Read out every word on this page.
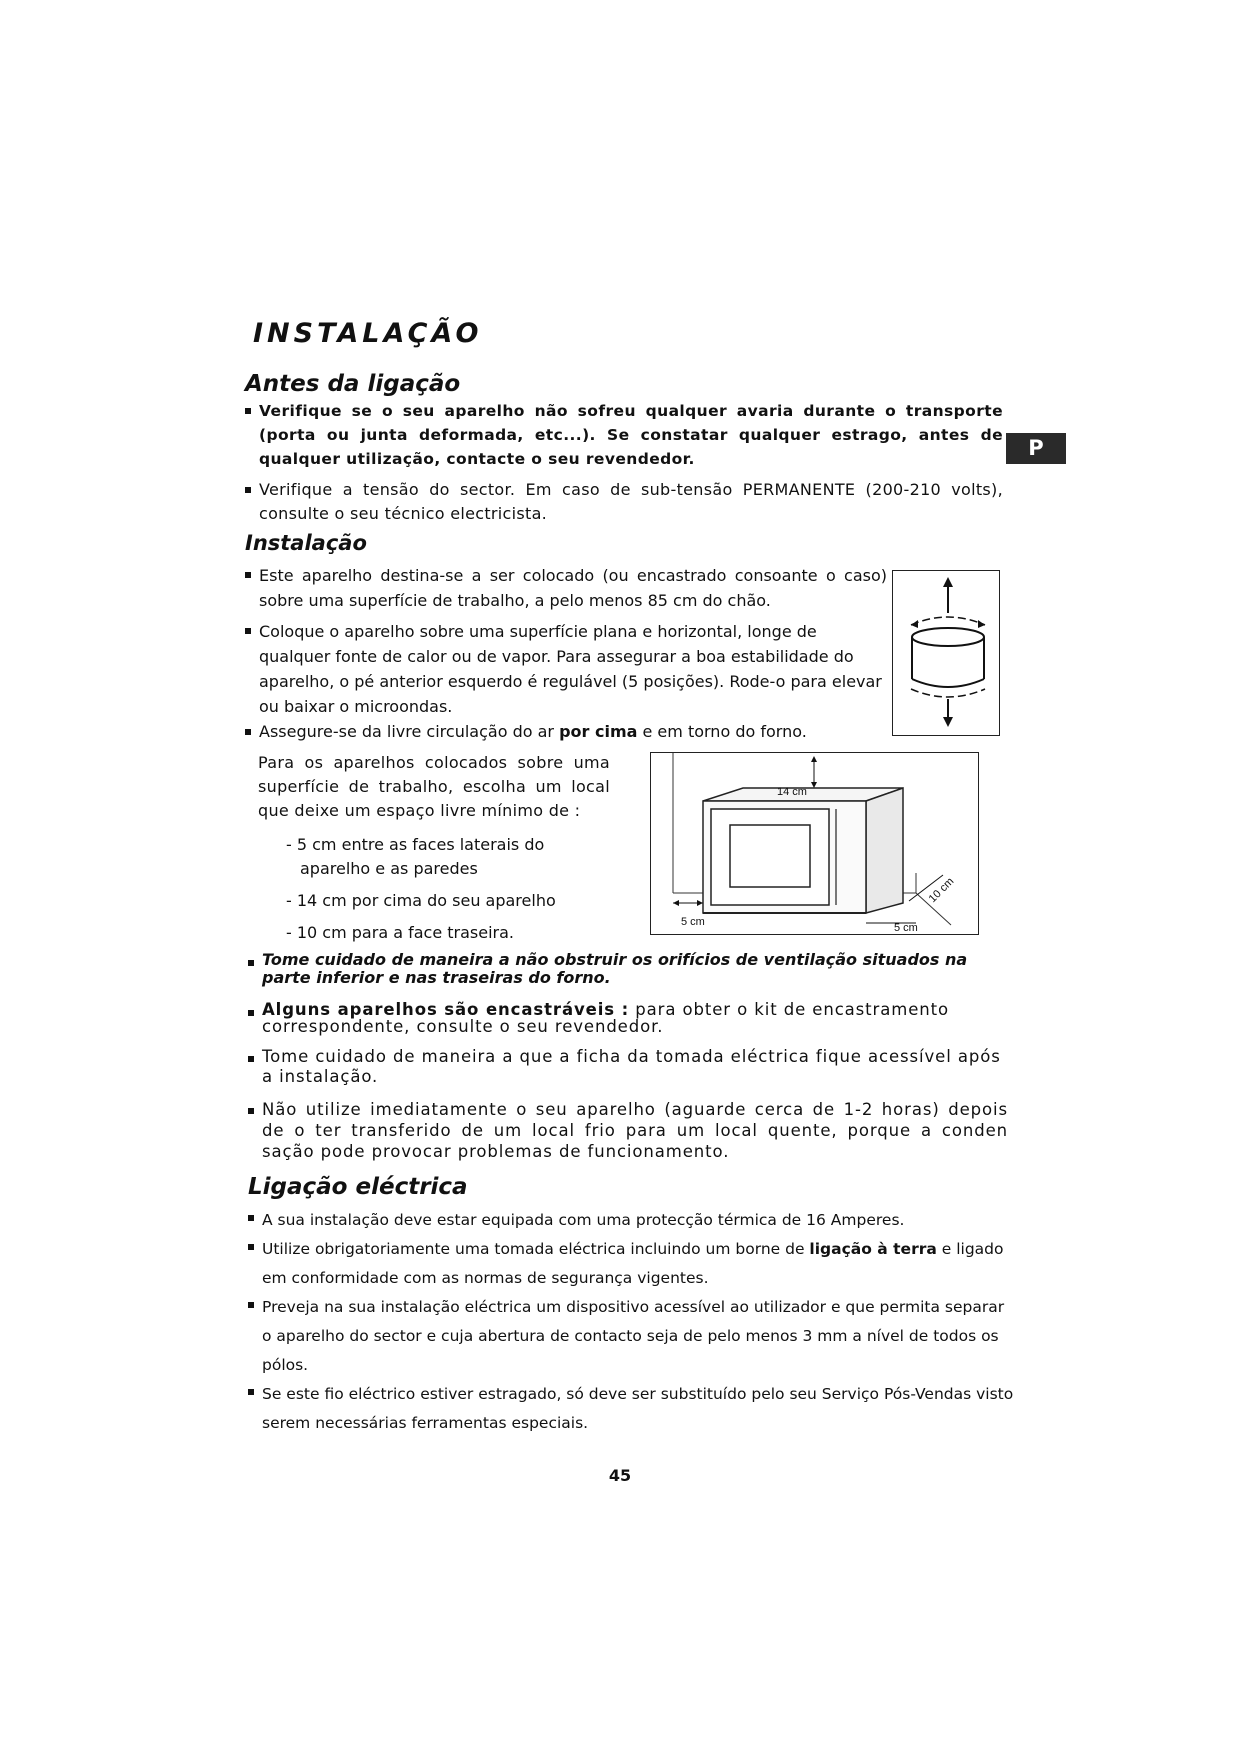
INSTALAÇÃO
P
Antes da ligação
Verifique se o seu aparelho não sofreu qualquer avaria durante o transporte (porta ou junta deformada, etc...). Se constatar qualquer estrago, antes de qualquer utilização, contacte o seu revendedor.
Verifique a tensão do sector. Em caso de sub-tensão PERMANENTE (200-210 volts), consulte o seu técnico electricista.
Instalação
Este aparelho destina-se a ser colocado (ou encastrado consoante o caso) sobre uma superfície de trabalho, a pelo menos 85 cm do chão.
Coloque o aparelho sobre uma superfície plana e horizontal, longe de qualquer fonte de calor ou de vapor. Para assegurar a boa estabilidade do aparelho, o pé anterior esquerdo é regulável (5 posições). Rode-o para elevar ou baixar o microondas.
Assegure-se da livre circulação do ar por cima e em torno do forno.
Para os aparelhos colocados sobre uma superfície de trabalho, escolha um local que deixe um espaço livre mínimo de :
- 5 cm entre as faces laterais do aparelho e as paredes
- 14 cm por cima do seu aparelho
- 10 cm para a face traseira.
14 cm
5 cm	5 cm
10 cm
Tome cuidado de maneira a não obstruir os orifícios de ventilação situados na parte inferior e nas traseiras do forno.
Alguns aparelhos são encastráveis : para obter o kit de encastramento correspondente, consulte o seu revendedor.
Tome cuidado de maneira a que a ficha da tomada eléctrica fique acessível após a instalação.
Não utilize imediatamente o seu aparelho (aguarde cerca de 1-2 horas) depois de o ter transferido de um local frio para um local quente, porque a conden sação pode provocar problemas de funcionamento.
Ligação eléctrica
A sua instalação deve estar equipada com uma protecção térmica de 16 Amperes.
Utilize obrigatoriamente uma tomada eléctrica incluindo um borne de ligação à terra e ligado em conformidade com as normas de segurança vigentes.
Preveja na sua instalação eléctrica um dispositivo acessível ao utilizador e que permita separar o aparelho do sector e cuja abertura de contacto seja de pelo menos 3 mm a nível de todos os pólos.
Se este fio eléctrico estiver estragado, só deve ser substituído pelo seu Serviço Pós-Vendas visto serem necessárias ferramentas especiais.
45
